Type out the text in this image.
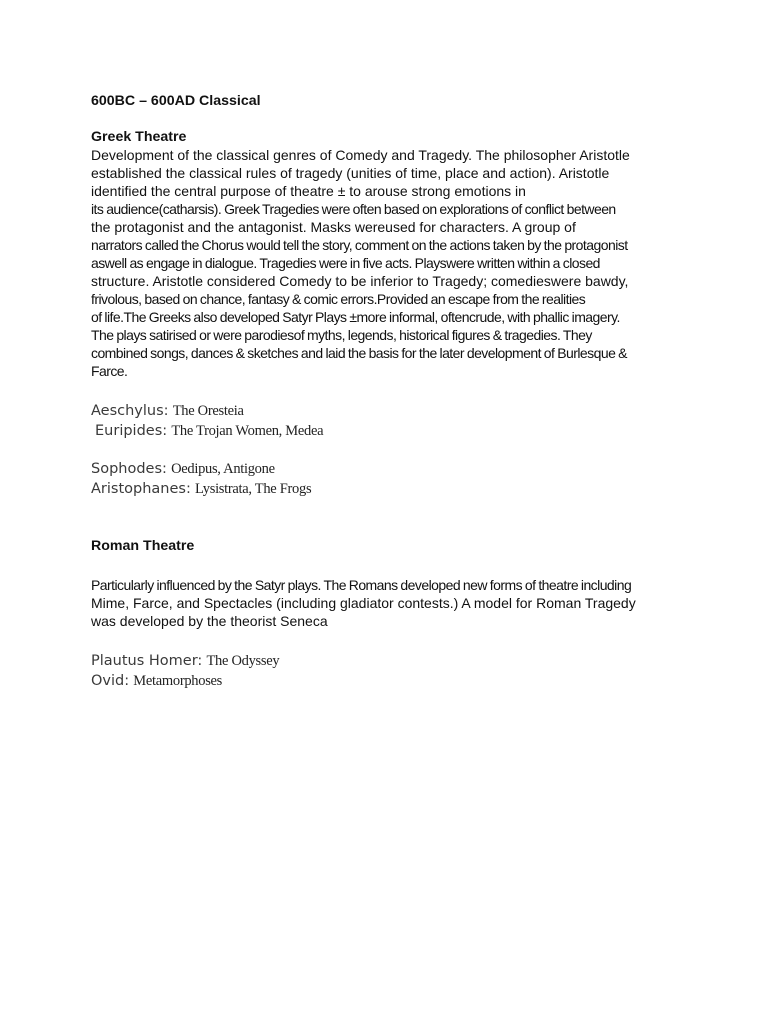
600BC – 600AD Classical

Greek Theatre

Development of the classical genres of Comedy and Tragedy. The philosopher Aristotle

established the classical rules of tragedy (unities of time, place and action). Aristotle

identified the central purpose of theatre ± to arouse strong emotions in

its audience(catharsis). Greek Tragedies were often based on explorations of conflict between

the protagonist and the antagonist. Masks wereused for characters. A group of

narrators called the Chorus would tell the story, comment on the actions taken by the protagonist

aswell as engage in dialogue. Tragedies were in five acts. Playswere written within a closed

structure. Aristotle considered Comedy to be inferior to Tragedy; comedieswere bawdy,

frivolous, based on chance, fantasy & comic errors.Provided an escape from the realities

of life.The Greeks also developed Satyr Plays ±more informal, oftencrude, with phallic imagery.

The plays satirised or were parodiesof myths, legends, historical figures & tragedies. They

combined songs, dances & sketches and laid the basis for the later development of Burlesque &

Farce.

Aeschylus: The Oresteia
Euripides: The Trojan Women, Medea
Sophodes: Oedipus, Antigone
Aristophanes: Lysistrata, The Frogs

Roman Theatre

Particularly influenced by the Satyr plays. The Romans developed new forms of theatre including

Mime, Farce, and Spectacles (including gladiator contests.) A model for Roman Tragedy

was developed by the theorist Seneca

Plautus Homer: The Odyssey
Ovid: Metamorphoses
